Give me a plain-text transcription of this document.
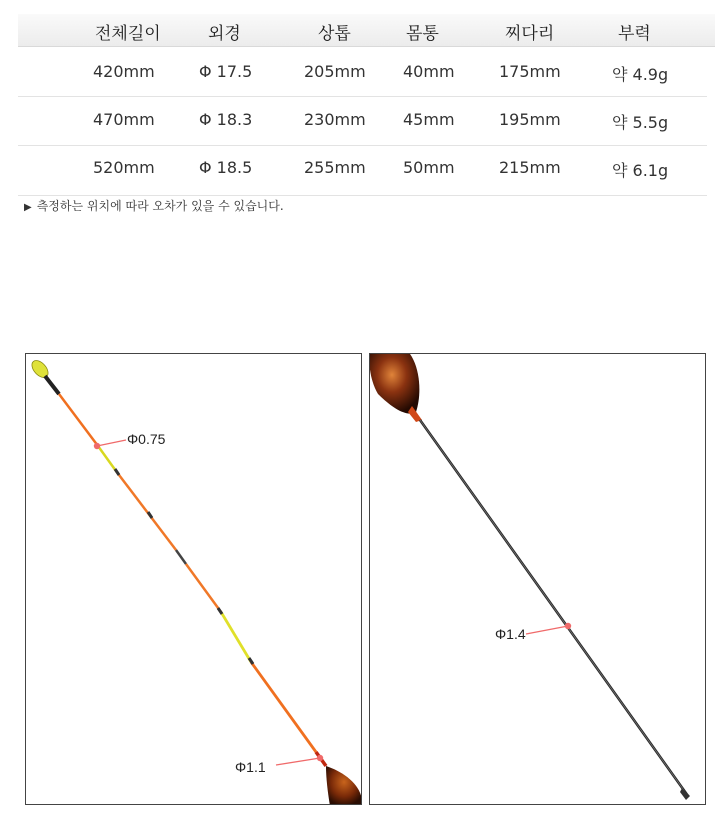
전체길이	외경	상톱	몸통	찌다리	부력
420mm	Φ 17.5	205mm 40mm	175mm	약 4.9g
470mm	Φ 18.3	230mm 45mm	195mm	약 5.5g
520mm	Φ 18.5	255mm 50mm	215mm	약 6.1g
▶ 측정하는 위치에 따라 오차가 있을 수 있습니다.
Φ0.75
Φ1.1
Φ1.4
